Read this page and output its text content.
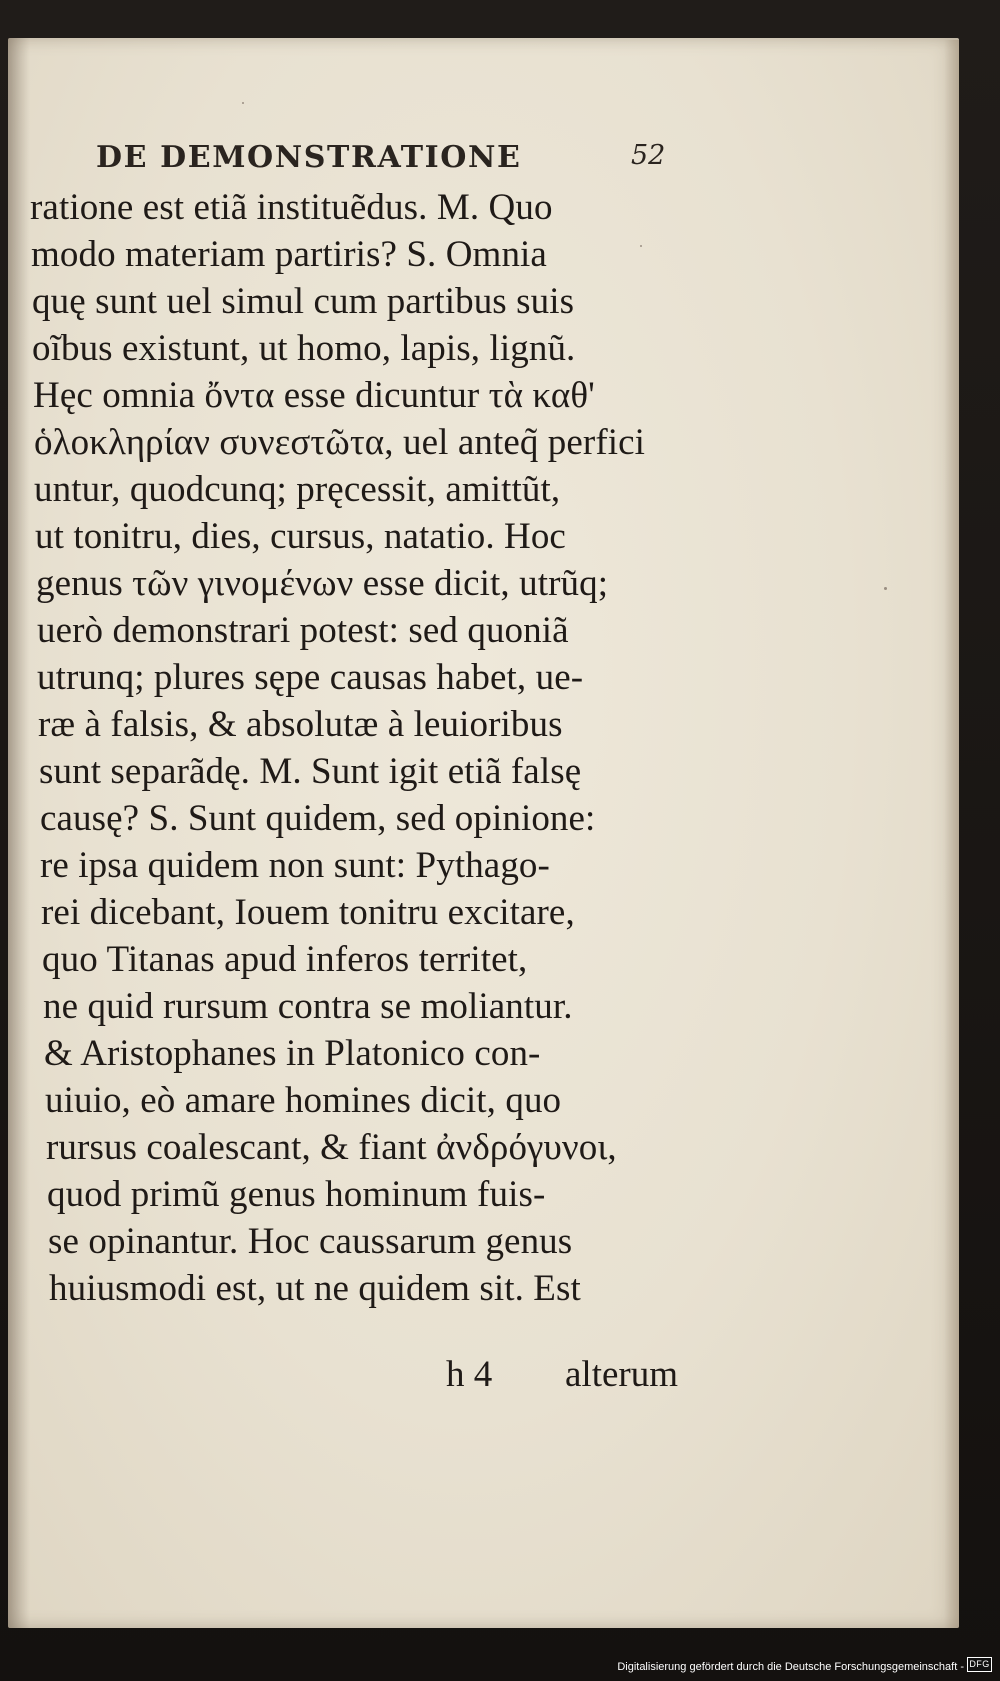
DE DEMONSTRATIONE	52
ratione est etiã instituẽdus. M. Quo
modo materiam partiris? S. Omnia
quę sunt uel simul cum partibus suis
oĩbus existunt, ut homo, lapis, lignũ.
Hęc omnia ὄντα esse dicuntur τὰ καθ'
ὁλοκληρίαν συνεστῶτα, uel anteq̃ perfici
untur, quodcunq; pręcessit, amittũt,
ut tonitru, dies, cursus, natatio. Hoc
genus τῶν γινομένων esse dicit, utrũq;
uerò demonstrari potest: sed quoniã
utrunq; plures sępe causas habet, ue-
ræ à falsis, & absolutæ à leuioribus
sunt separãdę. M. Sunt igit etiã falsę
causę? S. Sunt quidem, sed opinione:
re ipsa quidem non sunt: Pythago-
rei dicebant, Iouem tonitru excitare,
quo Titanas apud inferos territet,
ne quid rursum contra se moliantur.
& Aristophanes in Platonico con-
uiuio, eò amare homines dicit, quo
rursus coalescant, & fiant ἀνδρόγυνοι,
quod primũ genus hominum fuis-
se opinantur. Hoc caussarum genus
huiusmodi est, ut ne quidem sit. Est
h 4 alterum
Digitalisierung gefördert durch die Deutsche Forschungsgemeinschaft - DFG
